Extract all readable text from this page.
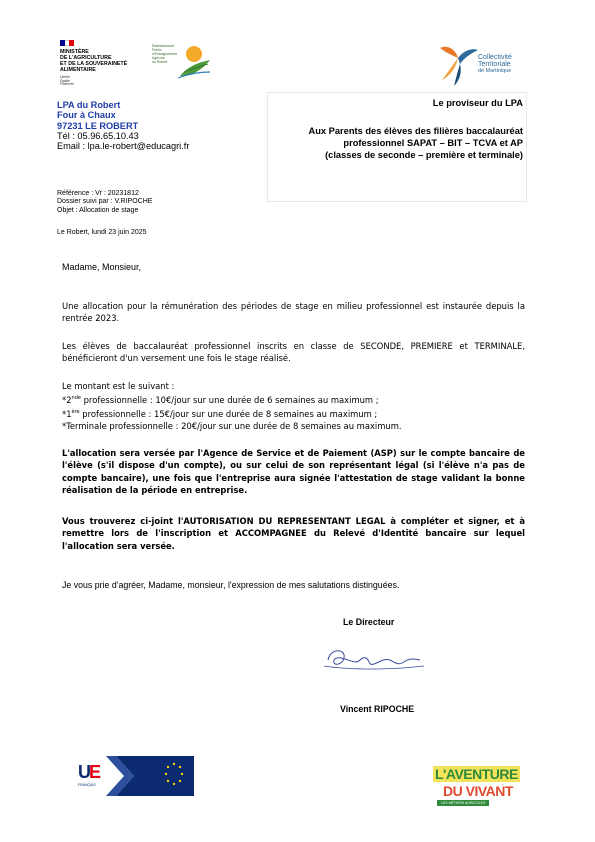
MINISTÈRE
DE L'AGRICULTURE
ET DE LA SOUVERAINETÉ
ALIMENTAIRE
Liberté
Égalité
Fraternité
Établissement
Public
d'Enseignement
Agricole
du Robert
Collectivité
Territoriale
de Martinique
LPA du Robert
Four à Chaux
97231 LE ROBERT
Tél : 05.96.65.10.43
Email : lpa.le-robert@educagri.fr
Le proviseur du LPA
Aux Parents des élèves des filières baccalauréat
professionnel SAPAT – BIT – TCVA et AP
(classes de seconde – première et terminale)
Référence : Vr : 20231812
Dossier suivi par : V.RIPOCHE
Objet : Allocation de stage
Le Robert, lundi 23 juin 2025
Madame, Monsieur,
Une allocation pour la rémunération des périodes de stage en milieu professionnel est instaurée depuis la rentrée 2023.
Les élèves de baccalauréat professionnel inscrits en classe de SECONDE, PREMIERE et TERMINALE, bénéficieront d'un versement une fois le stage réalisé.
Le montant est le suivant :
*2nde professionnelle : 10€/jour sur une durée de 6 semaines au maximum ;
*1ère professionnelle : 15€/jour sur une durée de 8 semaines au maximum ;
*Terminale professionnelle : 20€/jour sur une durée de 8 semaines au maximum.
L'allocation sera versée par l'Agence de Service et de Paiement (ASP) sur le compte bancaire de l'élève (s'il dispose d'un compte), ou sur celui de son représentant légal (si l'élève n'a pas de compte bancaire), une fois que l'entreprise aura signée l'attestation de stage validant la bonne réalisation de la période en entreprise.
Vous trouverez ci-joint l'AUTORISATION DU REPRESENTANT LEGAL à compléter et signer, et à remettre lors de l'inscription et ACCOMPAGNEE du Relevé d'Identité bancaire sur lequel l'allocation sera versée.
Je vous prie d'agréer, Madame, monsieur, l'expression de mes salutations distinguées.
Le Directeur
Vincent RIPOCHE
U
E
FRANÇAIS
L'AVENTURE
DU VIVANT
LES MÉTIERS AGRICOLES
